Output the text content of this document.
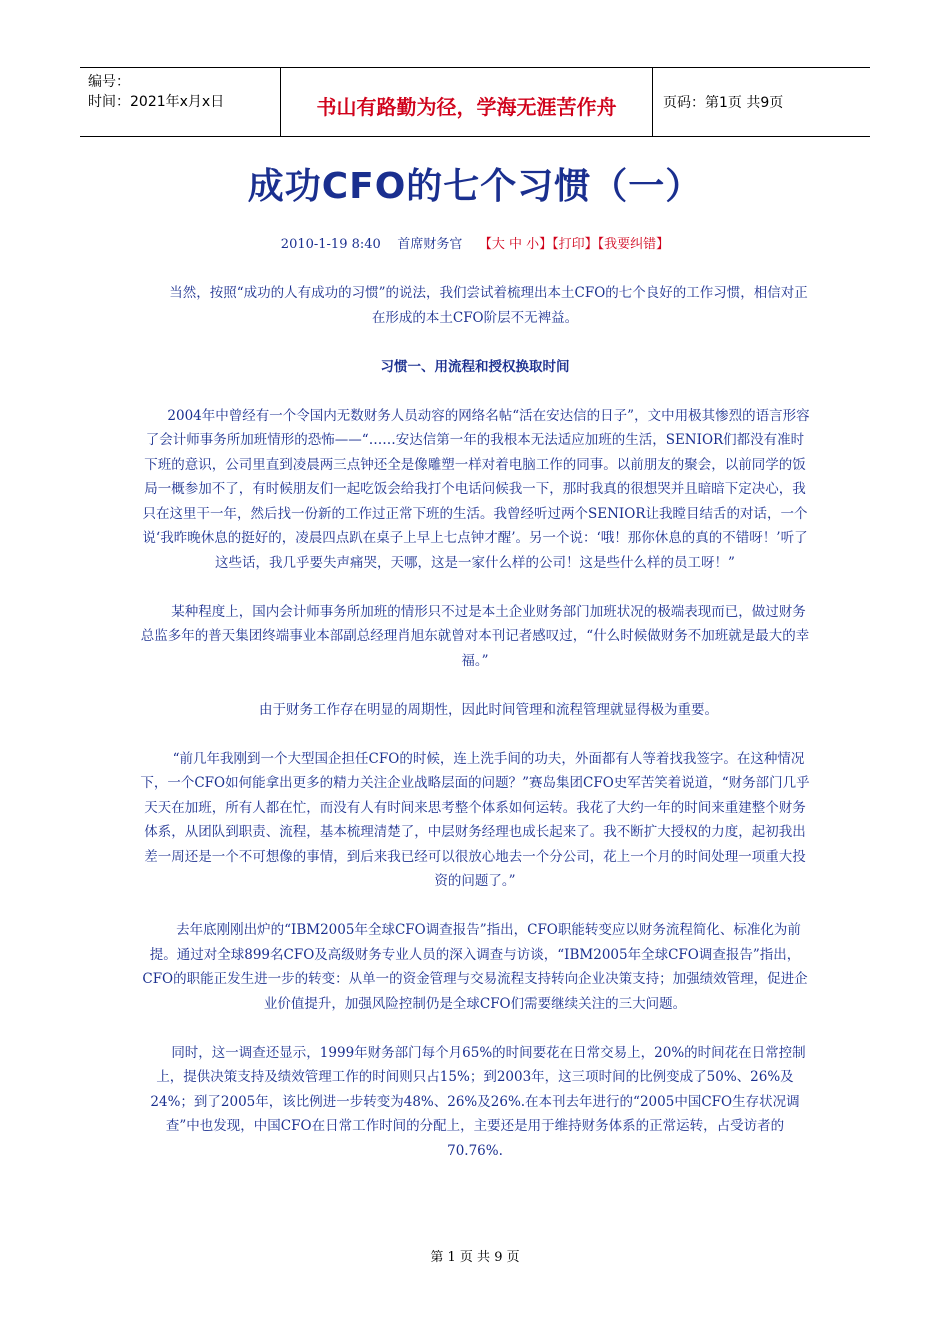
编号：
时间：2021年x月x日	书山有路勤为径，学海无涯苦作舟	页码：第1页 共9页
成功CFO的七个习惯（一）
2010-1-19 8:40 首席财务官 【大 中 小】【打印】【我要纠错】

当然，按照“成功的人有成功的习惯”的说法，我们尝试着梳理出本土CFO的七个良好的工作习惯，相信对正在形成的本土CFO阶层不无裨益。

习惯一、用流程和授权换取时间

2004年中曾经有一个令国内无数财务人员动容的网络名帖“活在安达信的日子”，文中用极其惨烈的语言形容了会计师事务所加班情形的恐怖——“……安达信第一年的我根本无法适应加班的生活，SENIOR们都没有准时下班的意识，公司里直到凌晨两三点钟还全是像雕塑一样对着电脑工作的同事。以前朋友的聚会，以前同学的饭局一概参加不了，有时候朋友们一起吃饭会给我打个电话问候我一下，那时我真的很想哭并且暗暗下定决心，我只在这里干一年，然后找一份新的工作过正常下班的生活。我曾经听过两个SENIOR让我瞠目结舌的对话，一个说‘我昨晚休息的挺好的，凌晨四点趴在桌子上早上七点钟才醒’。另一个说：‘哦！那你休息的真的不错呀！’听了这些话，我几乎要失声痛哭，天哪，这是一家什么样的公司！这是些什么样的员工呀！”

某种程度上，国内会计师事务所加班的情形只不过是本土企业财务部门加班状况的极端表现而已，做过财务总监多年的普天集团终端事业本部副总经理肖旭东就曾对本刊记者感叹过，“什么时候做财务不加班就是最大的幸福。”

由于财务工作存在明显的周期性，因此时间管理和流程管理就显得极为重要。

“前几年我刚到一个大型国企担任CFO的时候，连上洗手间的功夫，外面都有人等着找我签字。在这种情况下，一个CFO如何能拿出更多的精力关注企业战略层面的问题？”赛岛集团CFO史军苦笑着说道，“财务部门几乎天天在加班，所有人都在忙，而没有人有时间来思考整个体系如何运转。我花了大约一年的时间来重建整个财务体系，从团队到职责、流程，基本梳理清楚了，中层财务经理也成长起来了。我不断扩大授权的力度，起初我出差一周还是一个不可想像的事情，到后来我已经可以很放心地去一个分公司，花上一个月的时间处理一项重大投资的问题了。”

去年底刚刚出炉的“IBM2005年全球CFO调查报告”指出，CFO职能转变应以财务流程简化、标准化为前提。通过对全球899名CFO及高级财务专业人员的深入调查与访谈，“IBM2005年全球CFO调查报告”指出，CFO的职能正发生进一步的转变：从单一的资金管理与交易流程支持转向企业决策支持；加强绩效管理，促进企业价值提升，加强风险控制仍是全球CFO们需要继续关注的三大问题。

同时，这一调查还显示，1999年财务部门每个月65%的时间要花在日常交易上，20%的时间花在日常控制上，提供决策支持及绩效管理工作的时间则只占15%；到2003年，这三项时间的比例变成了50%、26%及24%；到了2005年，该比例进一步转变为48%、26%及26%.在本刊去年进行的“2005中国CFO生存状况调查”中也发现，中国CFO在日常工作时间的分配上，主要还是用于维持财务体系的正常运转，占受访者的70.76%.

第 1 页 共 9 页
